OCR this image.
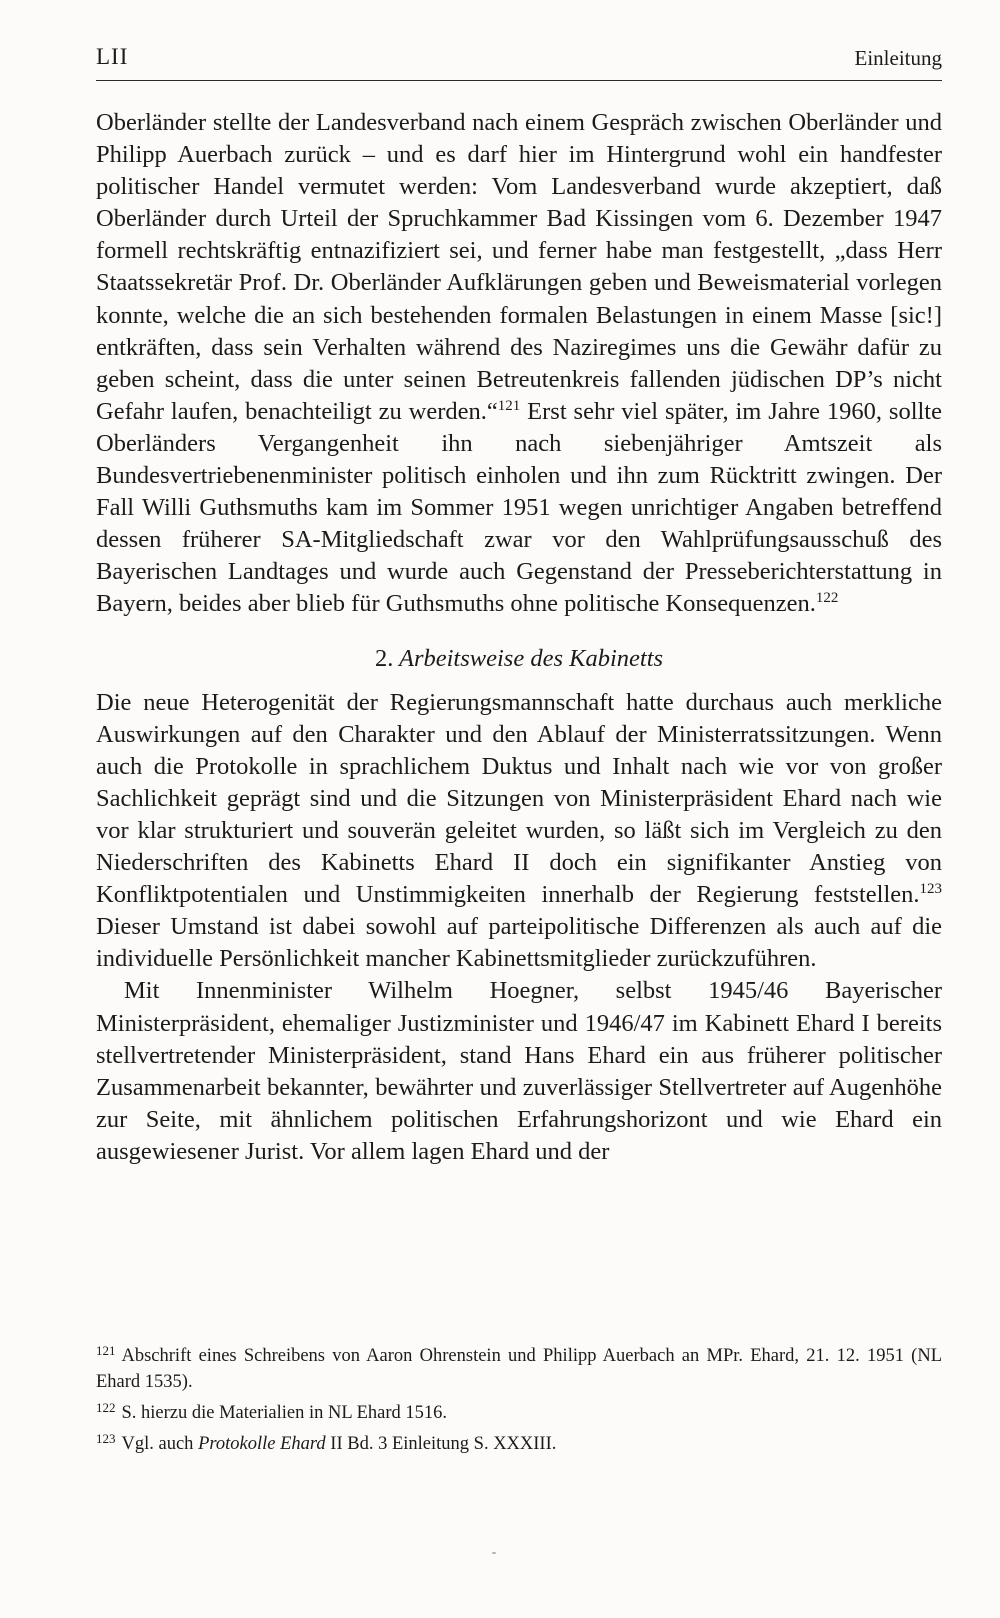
LII	Einleitung

Oberländer stellte der Landesverband nach einem Gespräch zwischen Oberländer und Philipp Auerbach zurück – und es darf hier im Hintergrund wohl ein handfester politischer Handel vermutet werden: Vom Landesverband wurde akzeptiert, daß Oberländer durch Urteil der Spruchkammer Bad Kissingen vom 6. Dezember 1947 formell rechtskräftig entnazifiziert sei, und ferner habe man festgestellt, „dass Herr Staatssekretär Prof. Dr. Oberländer Aufklärungen geben und Beweismaterial vorlegen konnte, welche die an sich bestehenden formalen Belastungen in einem Masse [sic!] entkräften, dass sein Verhalten während des Naziregimes uns die Gewähr dafür zu geben scheint, dass die unter seinen Betreutenkreis fallenden jüdischen DP’s nicht Gefahr laufen, benachteiligt zu werden.“$^{121}$ Erst sehr viel später, im Jahre 1960, sollte Oberländers Vergangenheit ihn nach siebenjähriger Amtszeit als Bundesvertriebenenminister politisch einholen und ihn zum Rücktritt zwingen. Der Fall Willi Guthsmuths kam im Sommer 1951 wegen unrichtiger Angaben betreffend dessen früherer SA-Mitgliedschaft zwar vor den Wahlprüfungsausschuß des Bayerischen Landtages und wurde auch Gegenstand der Presseberichterstattung in Bayern, beides aber blieb für Guthsmuths ohne politische Konsequenzen.$^{122}$

2. Arbeitsweise des Kabinetts

Die neue Heterogenität der Regierungsmannschaft hatte durchaus auch merkliche Auswirkungen auf den Charakter und den Ablauf der Ministerratssitzungen. Wenn auch die Protokolle in sprachlichem Duktus und Inhalt nach wie vor von großer Sachlichkeit geprägt sind und die Sitzungen von Ministerpräsident Ehard nach wie vor klar strukturiert und souverän geleitet wurden, so läßt sich im Vergleich zu den Niederschriften des Kabinetts Ehard II doch ein signifikanter Anstieg von Konfliktpotentialen und Unstimmigkeiten innerhalb der Regierung feststellen.$^{123}$ Dieser Umstand ist dabei sowohl auf parteipolitische Differenzen als auch auf die individuelle Persönlichkeit mancher Kabinettsmitglieder zurückzuführen.

Mit Innenminister Wilhelm Hoegner, selbst 1945/46 Bayerischer Ministerpräsident, ehemaliger Justizminister und 1946/47 im Kabinett Ehard I bereits stellvertretender Ministerpräsident, stand Hans Ehard ein aus früherer politischer Zusammenarbeit bekannter, bewährter und zuverlässiger Stellvertreter auf Augenhöhe zur Seite, mit ähnlichem politischen Erfahrungshorizont und wie Ehard ein ausgewiesener Jurist. Vor allem lagen Ehard und der

$^{121}$ Abschrift eines Schreibens von Aaron Ohrenstein und Philipp Auerbach an MPr. Ehard, 21. 12. 1951 (NL Ehard 1535).

$^{122}$ S. hierzu die Materialien in NL Ehard 1516.

$^{123}$ Vgl. auch Protokolle Ehard II Bd. 3 Einleitung S. XXXIII.
